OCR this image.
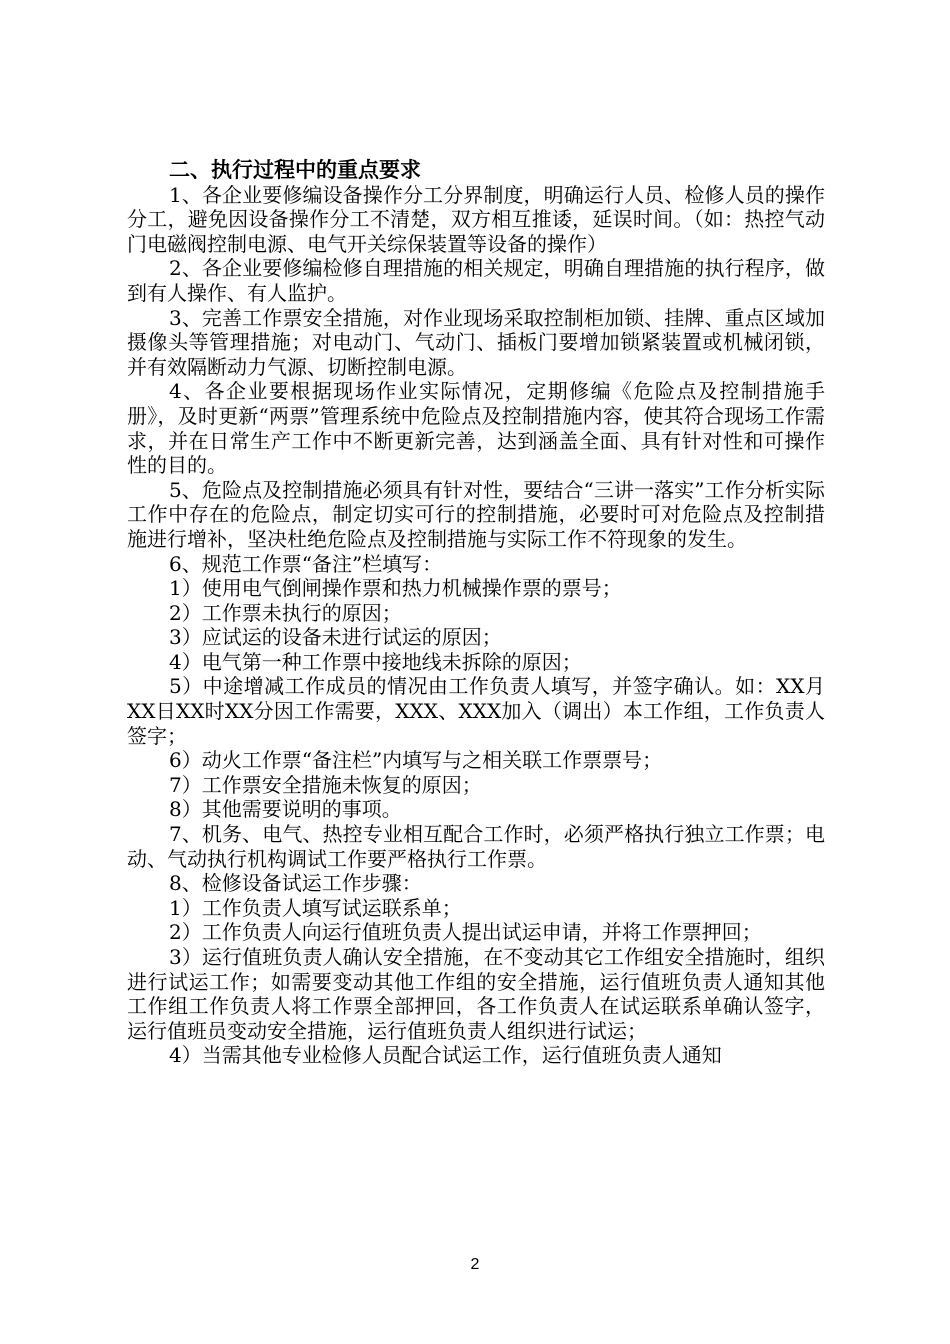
二、执行过程中的重点要求

1、各企业要修编设备操作分工分界制度，明确运行人员、检修人员的操作分工，避免因设备操作分工不清楚，双方相互推诿，延误时间。（如：热控气动门电磁阀控制电源、电气开关综保装置等设备的操作）

2、各企业要修编检修自理措施的相关规定，明确自理措施的执行程序，做到有人操作、有人监护。

3、完善工作票安全措施，对作业现场采取控制柜加锁、挂牌、重点区域加摄像头等管理措施；对电动门、气动门、插板门要增加锁紧装置或机械闭锁，并有效隔断动力气源、切断控制电源。

4、各企业要根据现场作业实际情况，定期修编《危险点及控制措施手册》，及时更新“两票”管理系统中危险点及控制措施内容，使其符合现场工作需求，并在日常生产工作中不断更新完善，达到涵盖全面、具有针对性和可操作性的目的。

5、危险点及控制措施必须具有针对性，要结合“三讲一落实”工作分析实际工作中存在的危险点，制定切实可行的控制措施，必要时可对危险点及控制措施进行增补，坚决杜绝危险点及控制措施与实际工作不符现象的发生。

6、规范工作票“备注”栏填写：

1）使用电气倒闸操作票和热力机械操作票的票号；

2）工作票未执行的原因；

3）应试运的设备未进行试运的原因；

4）电气第一种工作票中接地线未拆除的原因；

5）中途增减工作成员的情况由工作负责人填写，并签字确认。如：XX月XX日XX时XX分因工作需要，XXX、XXX加入（调出）本工作组，工作负责人签字；

6）动火工作票“备注栏”内填写与之相关联工作票票号；

7）工作票安全措施未恢复的原因；

8）其他需要说明的事项。

7、机务、电气、热控专业相互配合工作时，必须严格执行独立工作票；电动、气动执行机构调试工作要严格执行工作票。

8、检修设备试运工作步骤：

1）工作负责人填写试运联系单；

2）工作负责人向运行值班负责人提出试运申请，并将工作票押回；

3）运行值班负责人确认安全措施，在不变动其它工作组安全措施时，组织进行试运工作；如需要变动其他工作组的安全措施，运行值班负责人通知其他工作组工作负责人将工作票全部押回，各工作负责人在试运联系单确认签字，运行值班员变动安全措施，运行值班负责人组织进行试运；

4）当需其他专业检修人员配合试运工作，运行值班负责人通知

2
